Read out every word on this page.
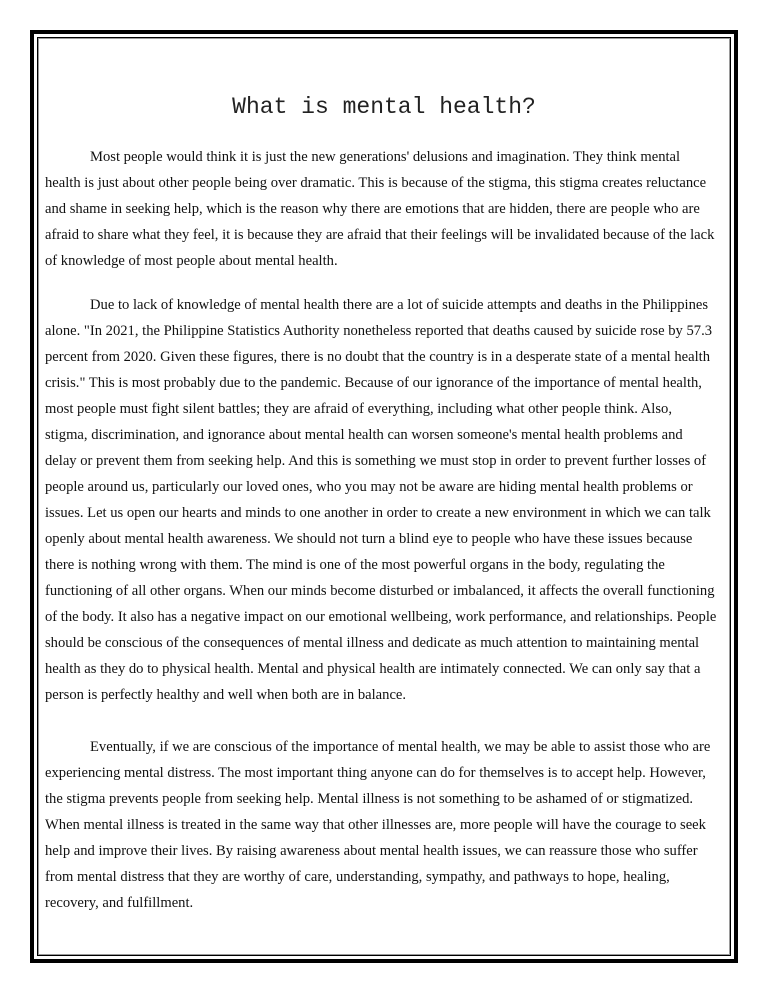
What is mental health?

Most people would think it is just the new generations' delusions and imagination. They think mental health is just about other people being over dramatic. This is because of the stigma, this stigma creates reluctance and shame in seeking help, which is the reason why there are emotions that are hidden, there are people who are afraid to share what they feel, it is because they are afraid that their feelings will be invalidated because of the lack of knowledge of most people about mental health.

Due to lack of knowledge of mental health there are a lot of suicide attempts and deaths in the Philippines alone. "In 2021, the Philippine Statistics Authority nonetheless reported that deaths caused by suicide rose by 57.3 percent from 2020. Given these figures, there is no doubt that the country is in a desperate state of a mental health crisis." This is most probably due to the pandemic. Because of our ignorance of the importance of mental health, most people must fight silent battles; they are afraid of everything, including what other people think. Also, stigma, discrimination, and ignorance about mental health can worsen someone's mental health problems and delay or prevent them from seeking help. And this is something we must stop in order to prevent further losses of people around us, particularly our loved ones, who you may not be aware are hiding mental health problems or issues. Let us open our hearts and minds to one another in order to create a new environment in which we can talk openly about mental health awareness. We should not turn a blind eye to people who have these issues because there is nothing wrong with them. The mind is one of the most powerful organs in the body, regulating the functioning of all other organs. When our minds become disturbed or imbalanced, it affects the overall functioning of the body. It also has a negative impact on our emotional wellbeing, work performance, and relationships. People should be conscious of the consequences of mental illness and dedicate as much attention to maintaining mental health as they do to physical health. Mental and physical health are intimately connected. We can only say that a person is perfectly healthy and well when both are in balance.

Eventually, if we are conscious of the importance of mental health, we may be able to assist those who are experiencing mental distress. The most important thing anyone can do for themselves is to accept help. However, the stigma prevents people from seeking help. Mental illness is not something to be ashamed of or stigmatized. When mental illness is treated in the same way that other illnesses are, more people will have the courage to seek help and improve their lives. By raising awareness about mental health issues, we can reassure those who suffer from mental distress that they are worthy of care, understanding, sympathy, and pathways to hope, healing, recovery, and fulfillment.
